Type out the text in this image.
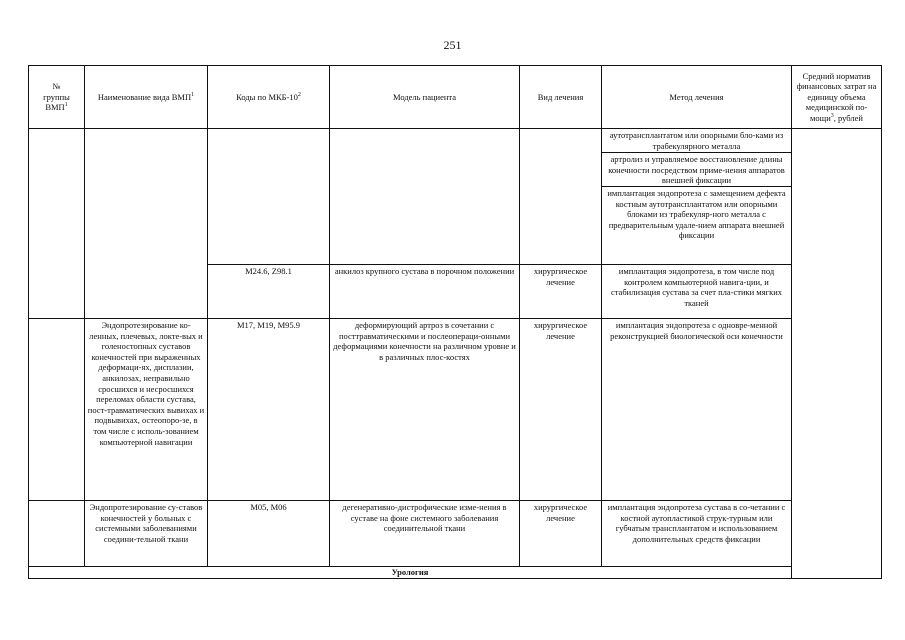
251
№
группы
ВМП$^1$	Наименование вида ВМП$^1$	Коды по МКБ-$10^2$	Модель пациента	Вид лечения	Метод лечения	Средний норматив финансовых затрат на единицу объема медицинской по-мощи$^3$, рублей

					аутотрансплантатом или опорными бло-ками из трабекулярного металла
артролиз и управляемое восстановление длины конечности посредством приме-нения аппаратов внешней фиксации
имплантация эндопротеза с замещением дефекта костным аутотрансплантатом или опорными блоками из трабекуляр-ного металла с предварительным удале-нием аппарата внешней фиксации	

		M24.6, Z98.1	анкилоз крупного сустава в порочном положении	хирургическое лечение	имплантация эндопротеза, в том числе под контролем компьютерной навига-ции, и стабилизация сустава за счет пла-стики мягких тканей	
	Эндопротезирование ко-ленных, плечевых, локте-вых и голеностопных суставов конечностей при выраженных деформаци-ях, дисплазии, анкилозах, неправильно сросшихся и несросшихся переломах области сустава, пост-травматических вывихах и подвывихах, остеопоро-зе, в том числе с исполь-зованием компьютерной навигации	M17, M19, M95.9	деформирующий артроз в сочетании с посттравматическими и послеопераци-онными деформациями конечности на различном уровне и в различных плос-костях	хирургическое лечение	имплантация эндопротеза с одновре-менной реконструкцией биологической оси конечности	
	Эндопротезирование су-ставов конечностей у больных с системными заболеваниями соедини-тельной ткани	M05, M06	дегенеративно-дистрофические изме-нения в суставе на фоне системного заболевания соединительной ткани	хирургическое лечение	имплантация эндопротеза сустава в со-четании с костной аутопластикой струк-турным или губчатым трансплантатом и использованием дополнительных средств фиксации	
Урология						
